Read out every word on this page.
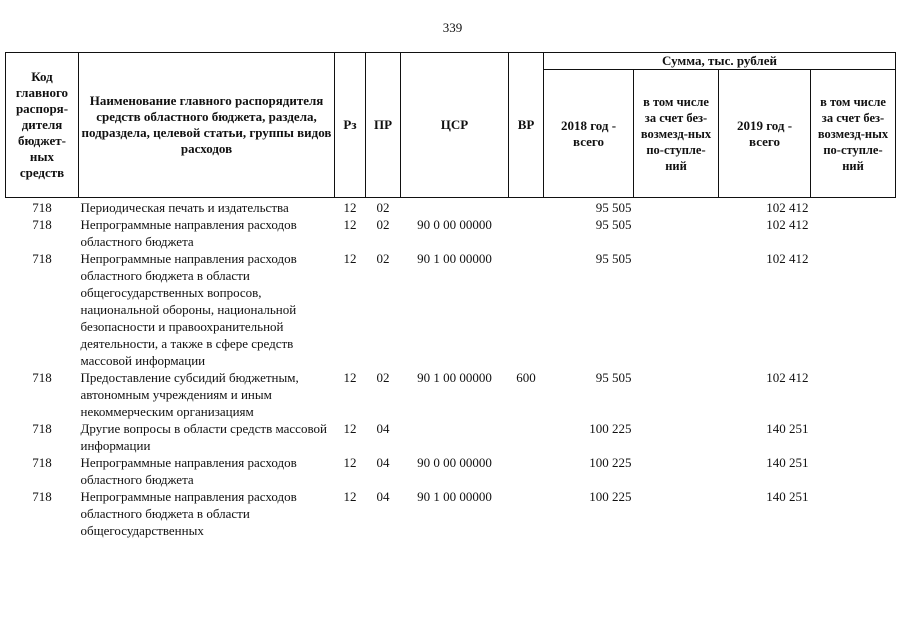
339
Код главного распоря-дителя бюджет-ных средств	Наименование главного распорядителя средств областного бюджета, раздела, подраздела, целевой статьи, группы видов расходов	Рз	ПР	ЦСР	ВР	Сумма, тыс. рублей			
						2018 год - всего	в том числе за счет без-возмезд-ных по-ступле-ний	2019 год - всего	в том числе за счет без-возмезд-ных по-ступле-ний
718	Периодическая печать и издательства	12	02			95 505		102 412	
718	Непрограммные направления расходов областного бюджета	12	02	90 0 00 00000		95 505		102 412	
718	Непрограммные направления расходов областного бюджета в области общегосударственных вопросов, национальной обороны, национальной безопасности и правоохранительной деятельности, а также в сфере средств массовой информации	12	02	90 1 00 00000		95 505		102 412	
718	Предоставление субсидий бюджетным, автономным учреждениям и иным некоммерческим организациям	12	02	90 1 00 00000	600	95 505		102 412	
718	Другие вопросы в области средств массовой информации	12	04			100 225		140 251	
718	Непрограммные направления расходов областного бюджета	12	04	90 0 00 00000		100 225		140 251	
718	Непрограммные направления расходов областного бюджета в области общегосударственных	12	04	90 1 00 00000		100 225		140 251	
